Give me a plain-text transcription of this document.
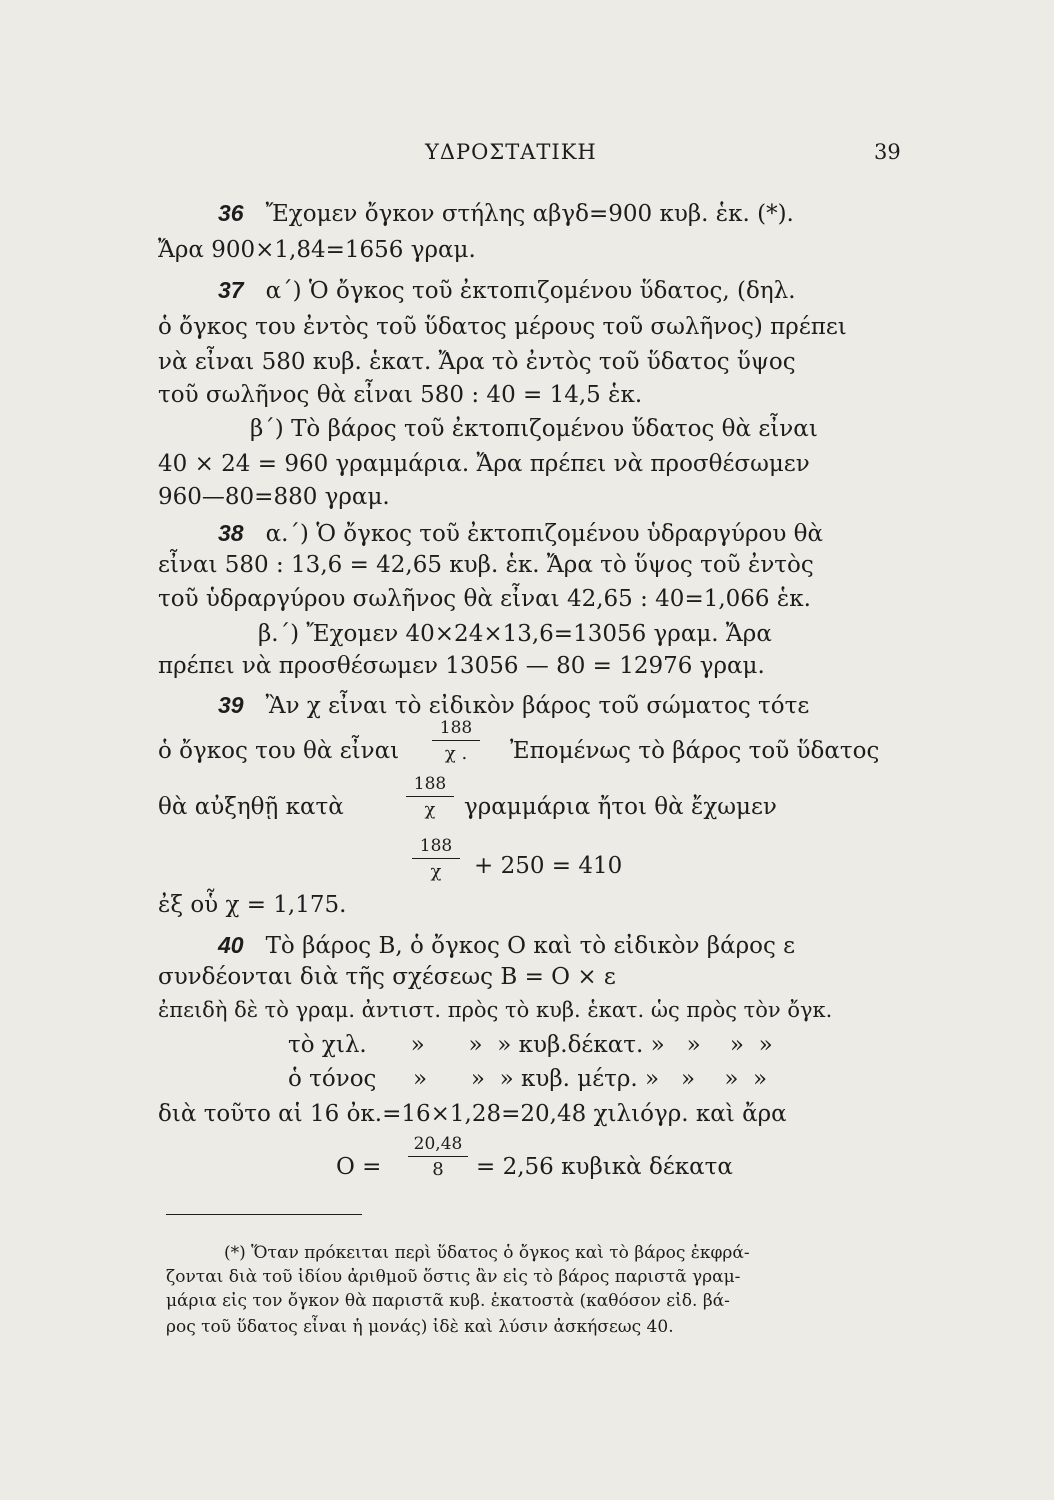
ΥΔΡΟΣΤΑΤΙΚΗ	39
36 Ἔχομεν ὄγκον στήλης αβγδ=900 κυβ. ἑκ. (*).
Ἄρα 900×1,84=1656 γραμ.
37 α΄) Ὁ ὄγκος τοῦ ἐκτοπιζομένου ὕδατος, (δηλ.
ὁ ὄγκος του ἐντὸς τοῦ ὕδατος μέρους τοῦ σωλῆνος) πρέπει
νὰ εἶναι 580 κυβ. ἑκατ. Ἄρα τὸ ἐντὸς τοῦ ὕδατος ὕψος
τοῦ σωλῆνος θὰ εἶναι 580 : 40 = 14,5 ἑκ.
β΄) Τὸ βάρος τοῦ ἐκτοπιζομένου ὕδατος θὰ εἶναι
40 × 24 = 960 γραμμάρια. Ἄρα πρέπει νὰ προσθέσωμεν
960—80=880 γραμ.
38 α.΄) Ὁ ὄγκος τοῦ ἐκτοπιζομένου ὑδραργύρου θὰ
εἶναι 580 : 13,6 = 42,65 κυβ. ἑκ. Ἄρα τὸ ὕψος τοῦ ἐντὸς
τοῦ ὑδραργύρου σωλῆνος θὰ εἶναι 42,65 : 40=1,066 ἑκ.
β.΄) Ἔχομεν 40×24×13,6=13056 γραμ. Ἄρα
πρέπει νὰ προσθέσωμεν 13056 — 80 = 12976 γραμ.
39 Ἂν χ εἶναι τὸ εἰδικὸν βάρος τοῦ σώματος τότε
ὁ ὄγκος του θὰ εἶναι
188
χ .	Ἐπομένως τὸ βάρος τοῦ ὕδατος
θὰ αὐξηθῇ κατὰ
188
χ	γραμμάρια ἤτοι θὰ ἔχωμεν
188
χ	+ 250 = 410
ἐξ οὗ χ = 1,175.
40 Τὸ βάρος Β, ὁ ὄγκος Ο καὶ τὸ εἰδικὸν βάρος ε
συνδέονται διὰ τῆς σχέσεως Β = Ο × ε
ἐπειδὴ δὲ τὸ γραμ. ἀντιστ. πρὸς τὸ κυβ. ἑκατ. ὡς πρὸς τὸν ὄγκ.
τὸ χιλ.      »      »  » κυβ.δέκατ. »   »    »  »
ὁ τόνος     »      »  » κυβ. μέτρ. »   »    »  »
διὰ τοῦτο αἱ 16 ὀκ.=16×1,28=20,48 χιλιόγρ. καὶ ἄρα
Ο =
20,48
8	= 2,56 κυβικὰ δέκατα
(*) Ὅταν πρόκειται περὶ ὕδατος ὁ ὄγκος καὶ τὸ βάρος ἐκφρά-
ζονται διὰ τοῦ ἰδίου ἀριθμοῦ ὅστις ἂν εἰς τὸ βάρος παριστᾶ γραμ-
μάρια εἰς τον ὄγκον θὰ παριστᾶ κυβ. ἑκατοστὰ (καθόσον εἰδ. βά-
ρος τοῦ ὕδατος εἶναι ἡ μονάς) ἰδὲ καὶ λύσιν ἀσκήσεως 40.
